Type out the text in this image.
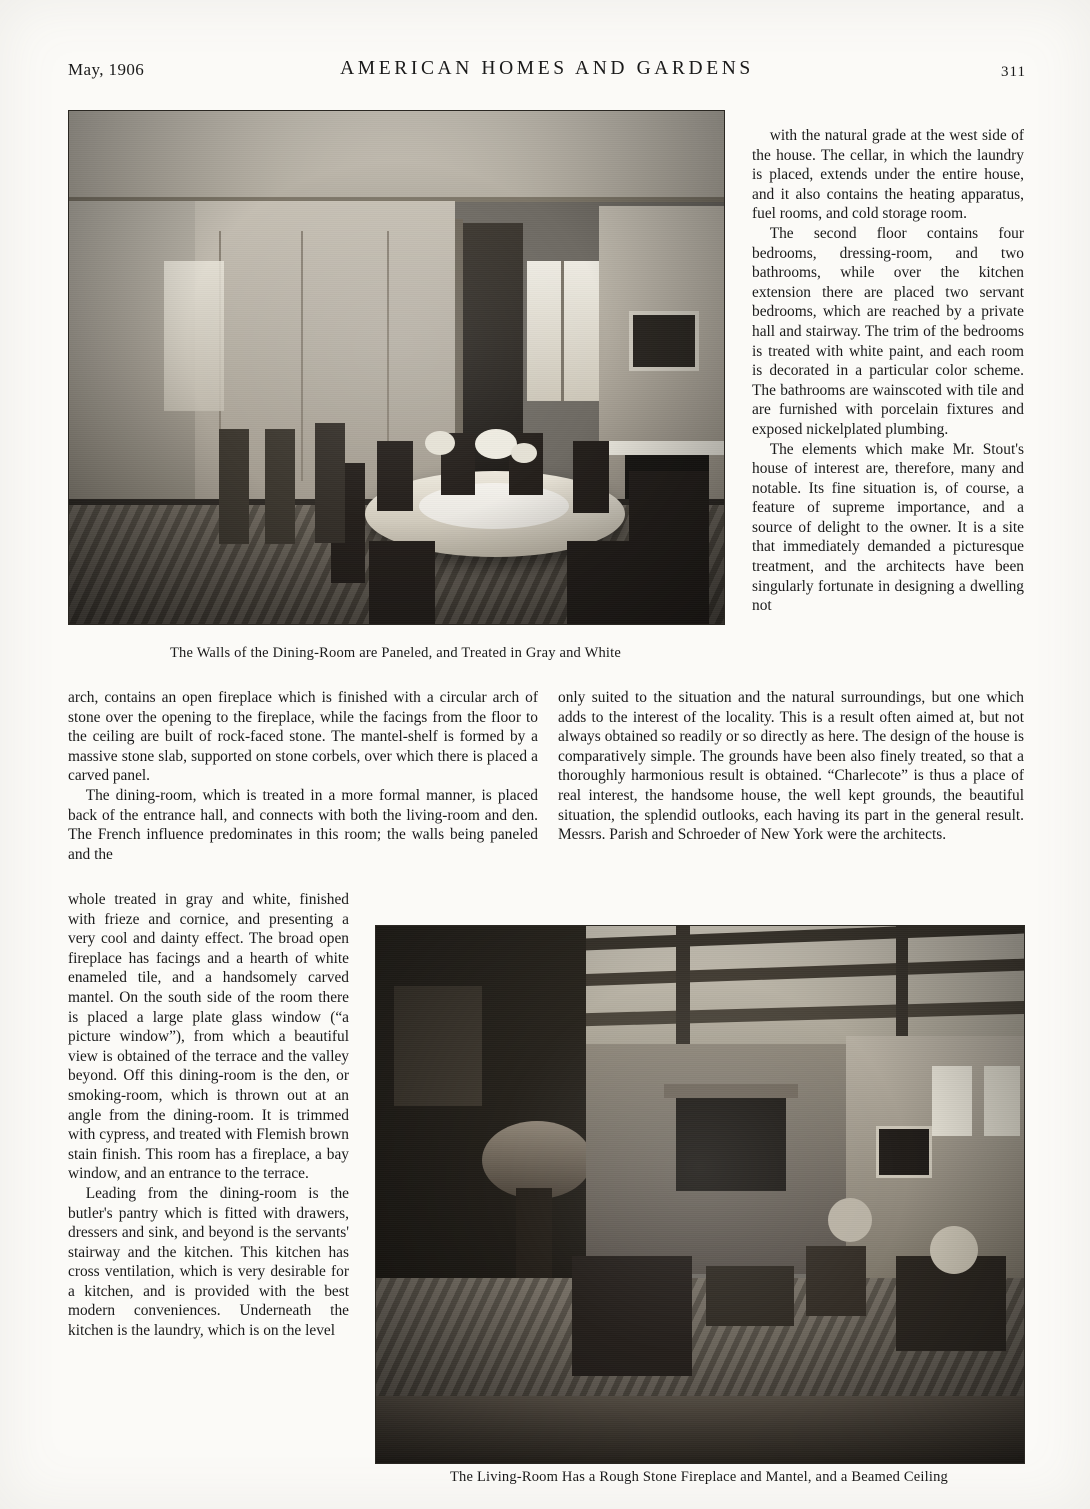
May, 1906	AMERICAN HOMES AND GARDENS	311
The Walls of the Dining-Room are Paneled, and Treated in Gray and White
The Living-Room Has a Rough Stone Fireplace and Mantel, and a Beamed Ceiling

with the natural grade at the west side of the house. The cellar, in which the laundry is placed, extends under the entire house, and it also contains the heating apparatus, fuel rooms, and cold storage room.

The second floor contains four bedrooms, dressing-room, and two bathrooms, while over the kitchen extension there are placed two servant bedrooms, which are reached by a private hall and stairway. The trim of the bedrooms is treated with white paint, and each room is decorated in a particular color scheme. The bathrooms are wainscoted with tile and are furnished with porcelain fixtures and exposed nickelplated plumbing.

The elements which make Mr. Stout's house of interest are, therefore, many and notable. Its fine situation is, of course, a feature of supreme importance, and a source of delight to the owner. It is a site that immediately demanded a picturesque treatment, and the architects have been singularly fortunate in designing a dwelling not

arch, contains an open fireplace which is finished with a circular arch of stone over the opening to the fireplace, while the facings from the floor to the ceiling are built of rock-faced stone. The mantel-shelf is formed by a massive stone slab, supported on stone corbels, over which there is placed a carved panel.

The dining-room, which is treated in a more formal manner, is placed back of the entrance hall, and connects with both the living-room and den. The French influence predominates in this room; the walls being paneled and the

only suited to the situation and the natural surroundings, but one which adds to the interest of the locality. This is a result often aimed at, but not always obtained so readily or so directly as here. The design of the house is comparatively simple. The grounds have been also finely treated, so that a thoroughly harmonious result is obtained. “Charlecote” is thus a place of real interest, the handsome house, the well kept grounds, the beautiful situation, the splendid outlooks, each having its part in the general result. Messrs. Parish and Schroeder of New York were the architects.

whole treated in gray and white, finished with frieze and cornice, and presenting a very cool and dainty effect. The broad open fireplace has facings and a hearth of white enameled tile, and a handsomely carved mantel. On the south side of the room there is placed a large plate glass window (“a picture window”), from which a beautiful view is obtained of the terrace and the valley beyond. Off this dining-room is the den, or smoking-room, which is thrown out at an angle from the dining-room. It is trimmed with cypress, and treated with Flemish brown stain finish. This room has a fireplace, a bay window, and an entrance to the terrace.

Leading from the dining-room is the butler's pantry which is fitted with drawers, dressers and sink, and beyond is the servants' stairway and the kitchen. This kitchen has cross ventilation, which is very desirable for a kitchen, and is provided with the best modern conveniences. Underneath the kitchen is the laundry, which is on the level
